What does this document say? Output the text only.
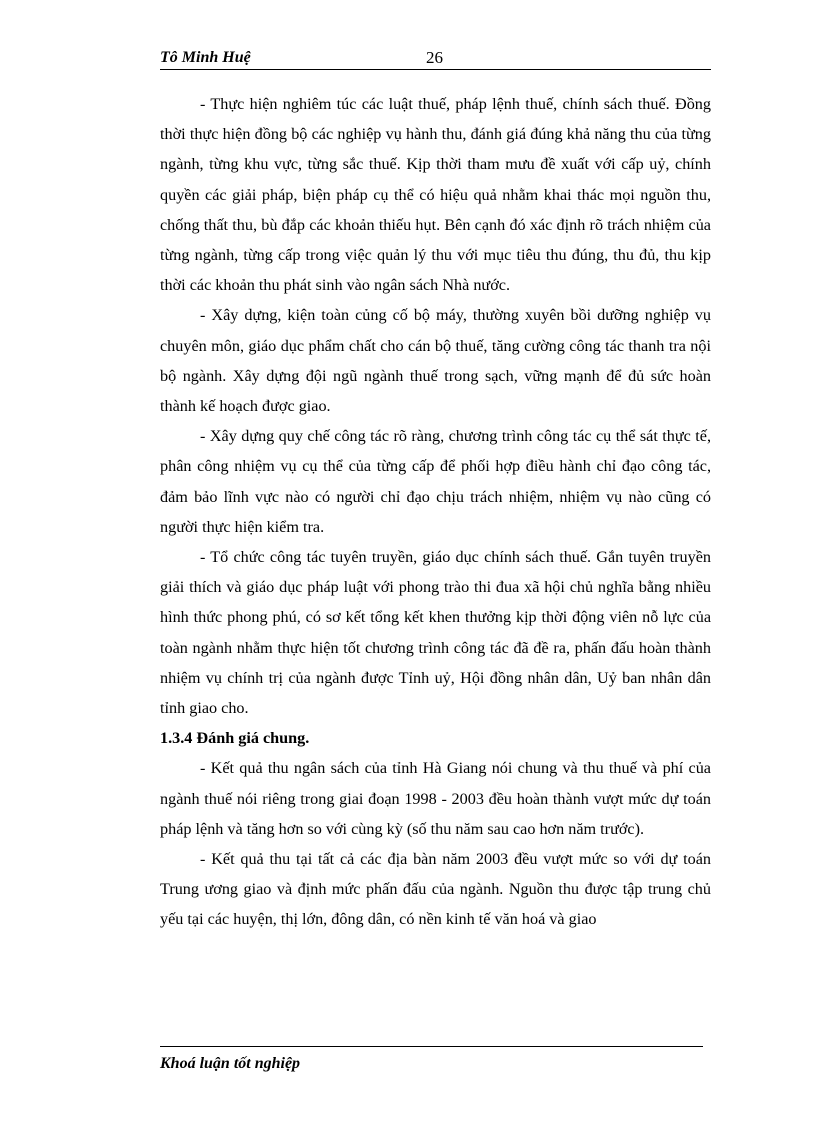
Tô Minh Huệ	26

- Thực hiện nghiêm túc các luật thuế, pháp lệnh thuế, chính sách thuế. Đồng thời thực hiện đồng bộ các nghiệp vụ hành thu, đánh giá đúng khả năng thu của từng ngành, từng khu vực, từng sắc thuế. Kịp thời tham mưu đề xuất với cấp uỷ, chính quyền các giải pháp, biện pháp cụ thể có hiệu quả nhằm khai thác mọi nguồn thu, chống thất thu, bù đắp các khoản thiếu hụt. Bên cạnh đó xác định rõ trách nhiệm của từng ngành, từng cấp trong việc quản lý thu với mục tiêu thu đúng, thu đủ, thu kịp thời các khoản thu phát sinh vào ngân sách Nhà nước.

- Xây dựng, kiện toàn củng cố bộ máy, thường xuyên bồi dưỡng nghiệp vụ chuyên môn, giáo dục phẩm chất cho cán bộ thuế, tăng cường công tác thanh tra nội bộ ngành. Xây dựng đội ngũ ngành thuế trong sạch, vững mạnh để đủ sức hoàn thành kế hoạch được giao.

- Xây dựng quy chế công tác rõ ràng, chương trình công tác cụ thể sát thực tế, phân công nhiệm vụ cụ thể của từng cấp để phối hợp điều hành chỉ đạo công tác, đảm bảo lĩnh vực nào có người chỉ đạo chịu trách nhiệm, nhiệm vụ nào cũng có người thực hiện kiểm tra.

- Tổ chức công tác tuyên truyền, giáo dục chính sách thuế. Gắn tuyên truyền giải thích và giáo dục pháp luật với phong trào thi đua xã hội chủ nghĩa bằng nhiều hình thức phong phú, có sơ kết tổng kết khen thưởng kịp thời động viên nỗ lực của toàn ngành nhằm thực hiện tốt chương trình công tác đã đề ra, phấn đấu hoàn thành nhiệm vụ chính trị của ngành được Tỉnh uỷ, Hội đồng nhân dân, Uỷ ban nhân dân tỉnh giao cho.

1.3.4 Đánh giá chung.

- Kết quả thu ngân sách của tỉnh Hà Giang nói chung và thu thuế và phí của ngành thuế nói riêng trong giai đoạn 1998 - 2003 đều hoàn thành vượt mức dự toán pháp lệnh và tăng hơn so với cùng kỳ (số thu năm sau cao hơn năm trước).

- Kết quả thu tại tất cả các địa bàn năm 2003 đều vượt mức so với dự toán Trung ương giao và định mức phấn đấu của ngành. Nguồn thu được tập trung chủ yếu tại các huyện, thị lớn, đông dân, có nền kinh tế văn hoá và giao

Khoá luận tốt nghiệp
